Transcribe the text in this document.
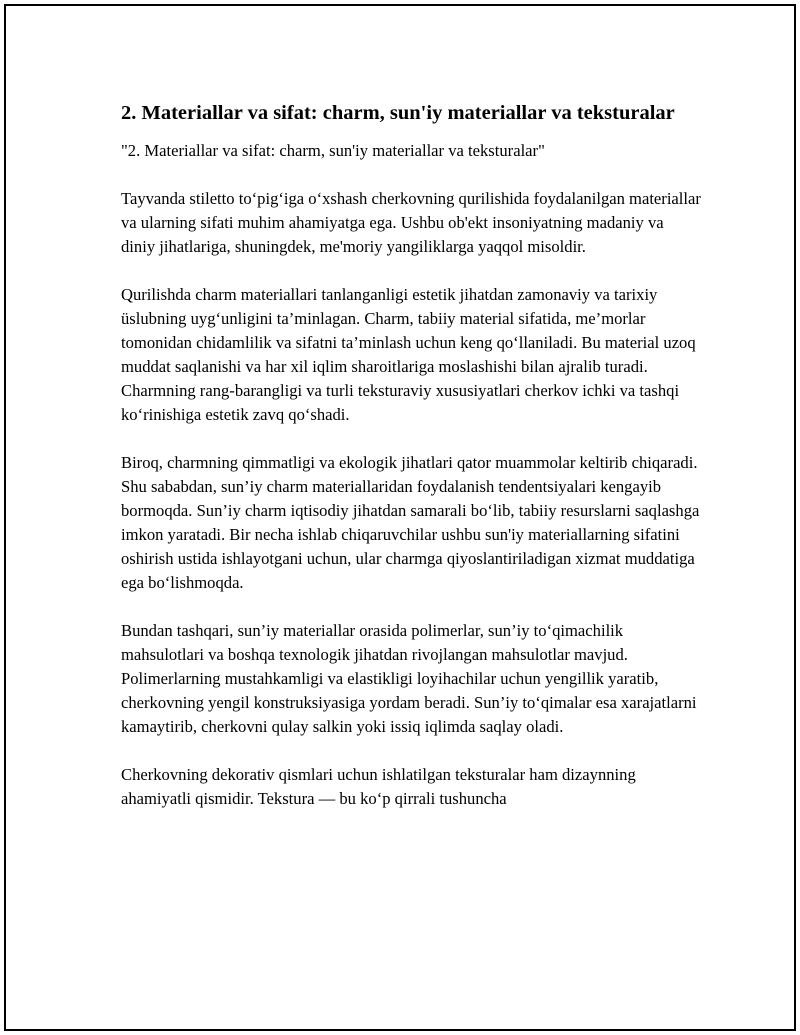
2. Materiallar va sifat: charm, sun'iy materiallar va teksturalar

"2. Materiallar va sifat: charm, sun'iy materiallar va teksturalar"

Tayvanda stiletto to‘pig‘iga o‘xshash cherkovning qurilishida foydalanilgan materiallar va ularning sifati muhim ahamiyatga ega. Ushbu ob'ekt insoniyatning madaniy va diniy jihatlariga, shuningdek, me'moriy yangiliklarga yaqqol misoldir.

Qurilishda charm materiallari tanlanganligi estetik jihatdan zamonaviy va tarixiy üslubning uyg‘unligini ta’minlagan. Charm, tabiiy material sifatida, me’morlar tomonidan chidamlilik va sifatni ta’minlash uchun keng qo‘llaniladi. Bu material uzoq muddat saqlanishi va har xil iqlim sharoitlariga moslashishi bilan ajralib turadi. Charmning rang-barangligi va turli teksturaviy xususiyatlari cherkov ichki va tashqi ko‘rinishiga estetik zavq qo‘shadi.

Biroq, charmning qimmatligi va ekologik jihatlari qator muammolar keltirib chiqaradi. Shu sababdan, sun’iy charm materiallaridan foydalanish tendentsiyalari kengayib bormoqda. Sun’iy charm iqtisodiy jihatdan samarali bo‘lib, tabiiy resurslarni saqlashga imkon yaratadi. Bir necha ishlab chiqaruvchilar ushbu sun'iy materiallarning sifatini oshirish ustida ishlayotgani uchun, ular charmga qiyoslantiriladigan xizmat muddatiga ega bo‘lishmoqda.

Bundan tashqari, sun’iy materiallar orasida polimerlar, sun’iy to‘qimachilik mahsulotlari va boshqa texnologik jihatdan rivojlangan mahsulotlar mavjud. Polimerlarning mustahkamligi va elastikligi loyihachilar uchun yengillik yaratib, cherkovning yengil konstruksiyasiga yordam beradi. Sun’iy to‘qimalar esa xarajatlarni kamaytirib, cherkovni qulay salkin yoki issiq iqlimda saqlay oladi.

Cherkovning dekorativ qismlari uchun ishlatilgan teksturalar ham dizaynning ahamiyatli qismidir. Tekstura — bu ko‘p qirrali tushuncha
